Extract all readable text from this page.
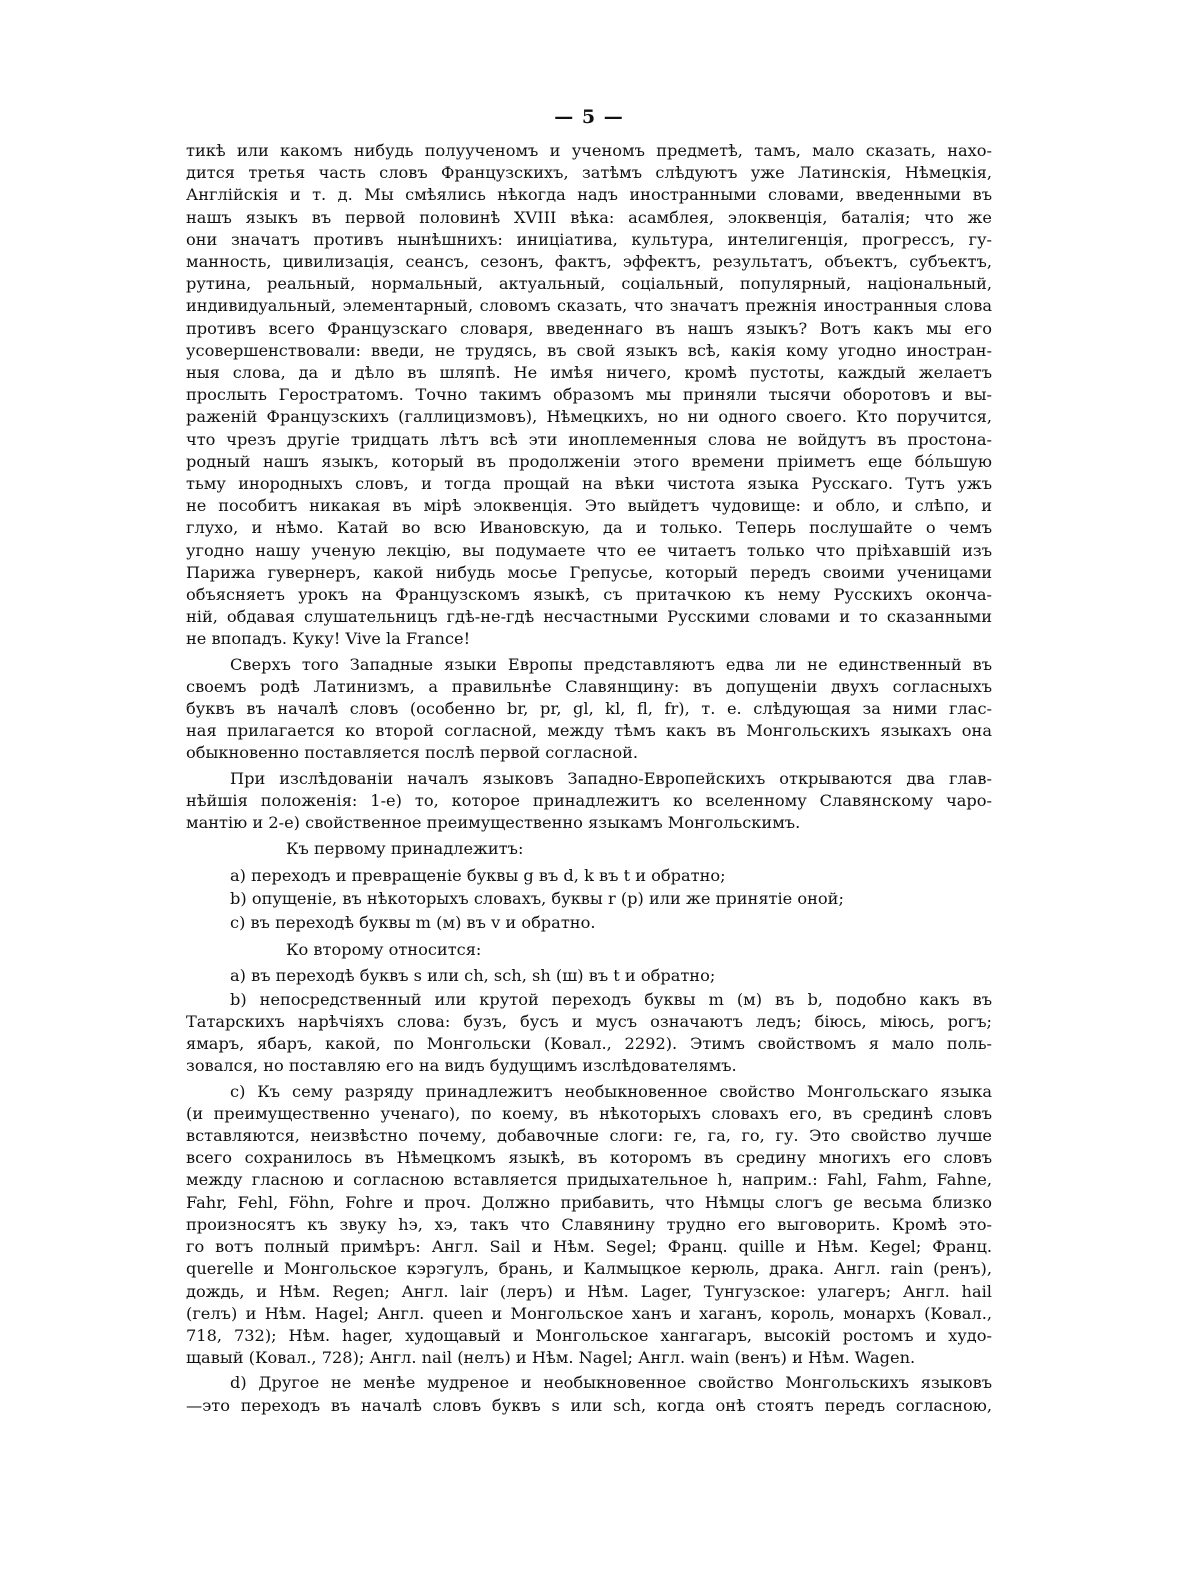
— 5 —
тикѣ или какомъ нибудь полуученомъ и ученомъ предметѣ, тамъ, мало сказать, нахо-
дится третья часть словъ Французскихъ, затѣмъ слѣдуютъ уже Латинскія, Нѣмецкія,
Англійскія и т. д. Мы смѣялись нѣкогда надъ иностранными словами, введенными въ
нашъ языкъ въ первой половинѣ XVIII вѣка: асамблея, элоквенція, баталія; что же
они значатъ противъ нынѣшнихъ: иниціатива, культура, интелигенція, прогрессъ, гу-
манность, цивилизація, сеансъ, сезонъ, фактъ, эффектъ, результатъ, объектъ, субъектъ,
рутина, реальный, нормальный, актуальный, соціальный, популярный, національный,
индивидуальный, элементарный, словомъ сказать, что значатъ прежнія иностранныя слова
противъ всего Французскаго словаря, введеннаго въ нашъ языкъ? Вотъ какъ мы его
усовершенствовали: введи, не трудясь, въ свой языкъ всѣ, какія кому угодно иностран-
ныя слова, да и дѣло въ шляпѣ. Не имѣя ничего, кромѣ пустоты, каждый желаетъ
прослыть Геростратомъ. Точно такимъ образомъ мы приняли тысячи оборотовъ и вы-
раженій Французскихъ (галлицизмовъ), Нѣмецкихъ, но ни одного своего. Кто поручится,
что чрезъ другіе тридцать лѣтъ всѣ эти иноплеменныя слова не войдутъ въ простона-
родный нашъ языкъ, который въ продолженіи этого времени пріиметъ еще бо́льшую
тьму инородныхъ словъ, и тогда прощай на вѣки чистота языка Русскаго. Тутъ ужъ
не пособитъ никакая въ мірѣ элоквенція. Это выйдетъ чудовище: и обло, и слѣпо, и
глухо, и нѣмо. Катай во всю Ивановскую, да и только. Теперь послушайте о чемъ
угодно нашу ученую лекцію, вы подумаете что ее читаетъ только что пріѣхавшій изъ
Парижа гувернеръ, какой нибудь мосье Грепусье, который передъ своими ученицами
объясняетъ урокъ на Французскомъ языкѣ, съ притачкою къ нему Русскихъ оконча-
ній, обдавая слушательницъ гдѣ-не-гдѣ несчастными Русскими словами и то сказанными
не впопадъ. Куку! Vive la France!
Сверхъ того Западные языки Европы представляютъ едва ли не единственный въ
своемъ родѣ Латинизмъ, а правильнѣе Славянщину: въ допущеніи двухъ согласныхъ
буквъ въ началѣ словъ (особенно br, pr, gl, kl, fl, fr), т. е. слѣдующая за ними глас-
ная прилагается ко второй согласной, между тѣмъ какъ въ Монгольскихъ языкахъ она
обыкновенно поставляется послѣ первой согласной.
При изслѣдованіи началъ языковъ Западно-Европейскихъ открываются два глав-
нѣйшія положенія: 1-е) то, которое принадлежитъ ко вселенному Славянскому чаро-
мантію и 2-е) свойственное преимущественно языкамъ Монгольскимъ.
Къ первому принадлежитъ:
a) переходъ и превращеніе буквы g въ d, k въ t и обратно;
b) опущеніе, въ нѣкоторыхъ словахъ, буквы r (р) или же принятіе оной;
c) въ переходѣ буквы m (м) въ v и обратно.
Ко второму относится:
a) въ переходѣ буквъ s или ch, sch, sh (ш) въ t и обратно;
b) непосредственный или крутой переходъ буквы m (м) въ b, подобно какъ въ
Татарскихъ нарѣчіяхъ слова: бузъ, бусъ и мусъ означаютъ ледъ; бiюсь, мiюсь, рогъ;
ямаръ, ябаръ, какой, по Монгольски (Ковал., 2292). Этимъ свойствомъ я мало поль-
зовался, но поставляю его на видъ будущимъ изслѣдователямъ.
c) Къ сему разряду принадлежитъ необыкновенное свойство Монгольскаго языка
(и преимущественно ученаго), по коему, въ нѣкоторыхъ словахъ его, въ срединѣ словъ
вставляются, неизвѣстно почему, добавочные слоги: ге, га, го, гу. Это свойство лучше
всего сохранилось въ Нѣмецкомъ языкѣ, въ которомъ въ средину многихъ его словъ
между гласною и согласною вставляется придыхательное h, наприм.: Fahl, Fahm, Fahne,
Fahr, Fehl, Föhn, Fohre и проч. Должно прибавить, что Нѣмцы слогъ ge весьма близко
произносятъ къ звуку hэ, хэ, такъ что Славянину трудно его выговорить. Кромѣ это-
го вотъ полный примѣръ: Англ. Sail и Нѣм. Segel; Франц. quille и Нѣм. Kegel; Франц.
querelle и Монгольское кэрэгулъ, брань, и Калмыцкое керюль, драка. Англ. rain (ренъ),
дождь, и Нѣм. Regen; Англ. lair (леръ) и Нѣм. Lager, Тунгузское: улагеръ; Англ. hail
(гелъ) и Нѣм. Hagel; Англ. queen и Монгольское ханъ и хаганъ, король, монархъ (Ковал.,
718, 732); Нѣм. hager, худощавый и Монгольское хангагаръ, высокій ростомъ и худо-
щавый (Ковал., 728); Англ. nail (нелъ) и Нѣм. Nagel; Англ. wain (венъ) и Нѣм. Wagen.
d) Другое не менѣе мудреное и необыкновенное свойство Монгольскихъ языковъ
—это переходъ въ началѣ словъ буквъ s или sch, когда онѣ стоятъ передъ согласною,
